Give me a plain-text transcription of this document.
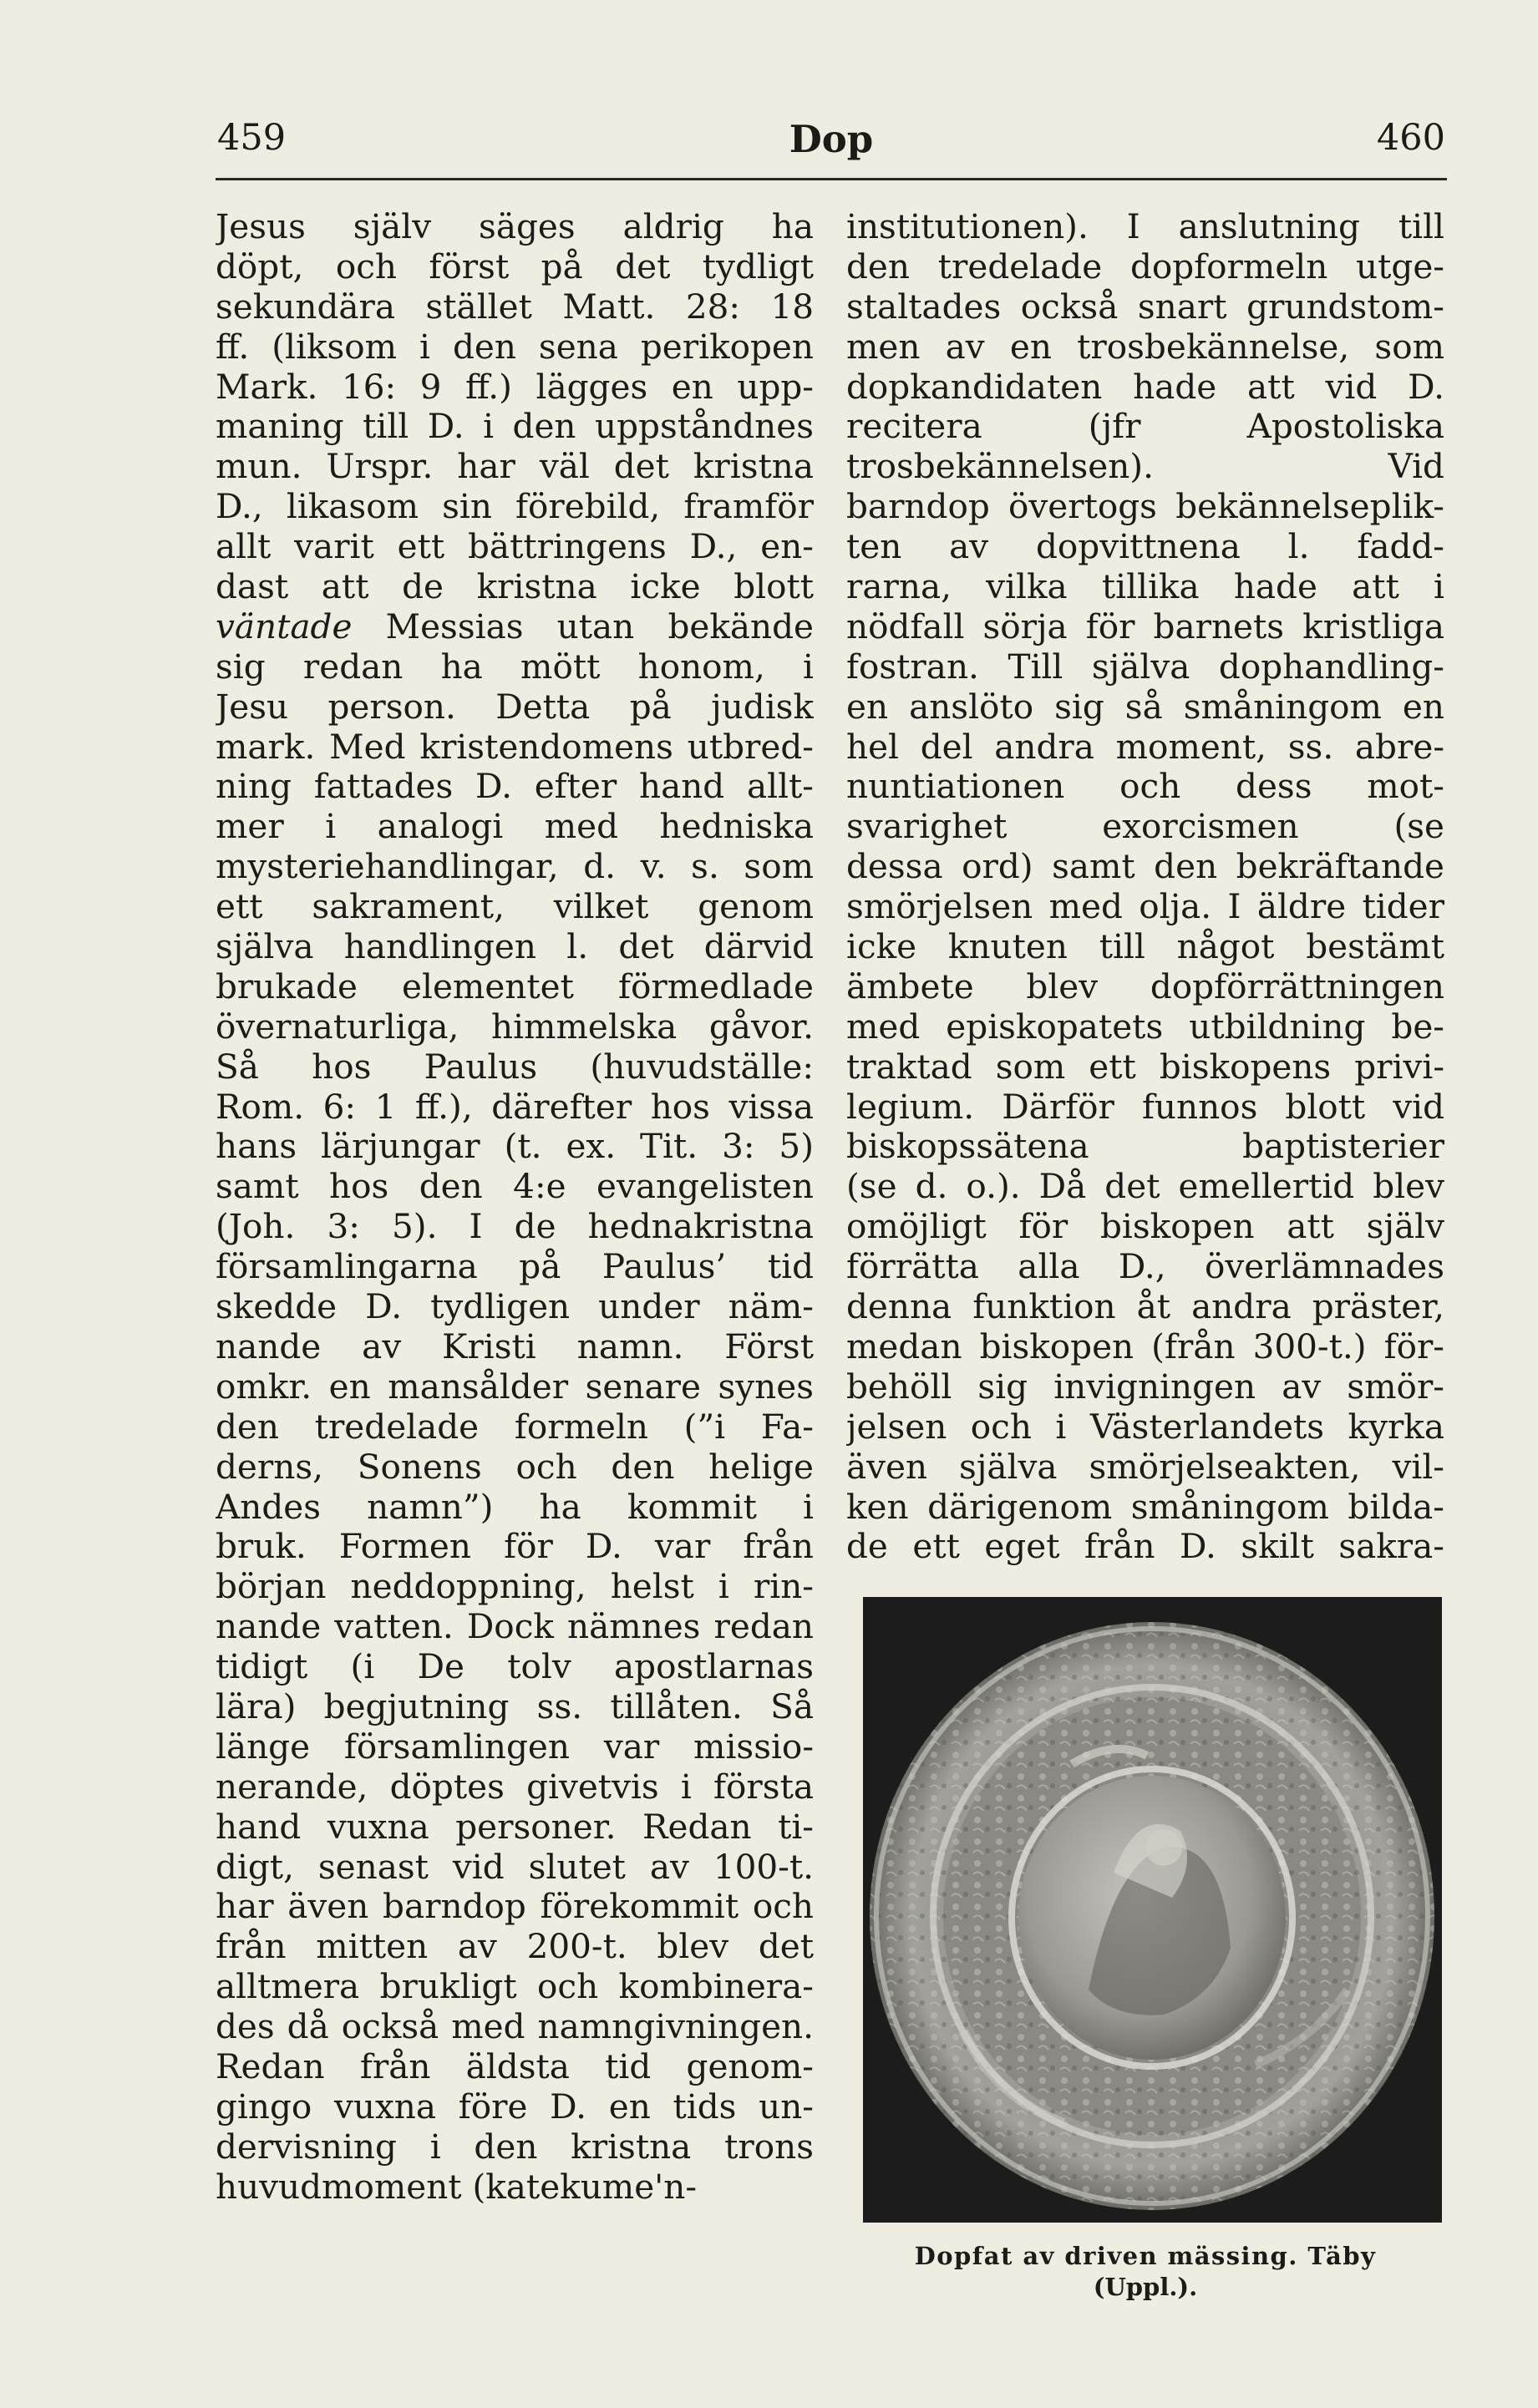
459	Dop	460
Jesus själv säges aldrig ha
döpt, och först på det tydligt
sekundära stället Matt. 28: 18
ff. (liksom i den sena perikopen
Mark. 16: 9 ff.) lägges en upp-
maning till D. i den uppståndnes
mun. Urspr. har väl det kristna
D., likasom sin förebild, framför
allt varit ett bättringens D., en-
dast att de kristna icke blott
väntade Messias utan bekände
sig redan ha mött honom, i
Jesu person. Detta på judisk
mark. Med kristendomens utbred-
ning fattades D. efter hand allt-
mer i analogi med hedniska
mysteriehandlingar, d. v. s. som
ett sakrament, vilket genom
själva handlingen l. det därvid
brukade elementet förmedlade
övernaturliga, himmelska gåvor.
Så hos Paulus (huvudställe:
Rom. 6: 1 ff.), därefter hos vissa
hans lärjungar (t. ex. Tit. 3: 5)
samt hos den 4:e evangelisten
(Joh. 3: 5). I de hednakristna
församlingarna på Paulus’ tid
skedde D. tydligen under näm-
nande av Kristi namn. Först
omkr. en mansålder senare synes
den tredelade formeln (”i Fa-
derns, Sonens och den helige
Andes namn”) ha kommit i
bruk. Formen för D. var från
början neddoppning, helst i rin-
nande vatten. Dock nämnes redan
tidigt (i De tolv apostlarnas
lära) begjutning ss. tillåten. Så
länge församlingen var missio-
nerande, döptes givetvis i första
hand vuxna personer. Redan ti-
digt, senast vid slutet av 100-t.
har även barndop förekommit och
från mitten av 200-t. blev det
alltmera brukligt och kombinera-
des då också med namngivningen.
Redan från äldsta tid genom-
gingo vuxna före D. en tids un-
dervisning i den kristna trons
huvudmoment (katekume'n-
institutionen). I anslutning till
den tredelade dopformeln utge-
staltades också snart grundstom-
men av en trosbekännelse, som
dopkandidaten hade att vid D.
recitera (jfr Apostoliska
trosbekännelsen). Vid
barndop övertogs bekännelseplik-
ten av dopvittnena l. fadd-
rarna, vilka tillika hade att i
nödfall sörja för barnets kristliga
fostran. Till själva dophandling-
en anslöto sig så småningom en
hel del andra moment, ss. abre-
nuntiationen och dess mot-
svarighet exorcismen (se
dessa ord) samt den bekräftande
smörjelsen med olja. I äldre tider
icke knuten till något bestämt
ämbete blev dopförrättningen
med episkopatets utbildning be-
traktad som ett biskopens privi-
legium. Därför funnos blott vid
biskopssätena baptisterier
(se d. o.). Då det emellertid blev
omöjligt för biskopen att själv
förrätta alla D., överlämnades
denna funktion åt andra präster,
medan biskopen (från 300-t.) för-
behöll sig invigningen av smör-
jelsen och i Västerlandets kyrka
även själva smörjelseakten, vil-
ken därigenom småningom bilda-
de ett eget från D. skilt sakra-
Dopfat av driven mässing. Täby
(Uppl.).
